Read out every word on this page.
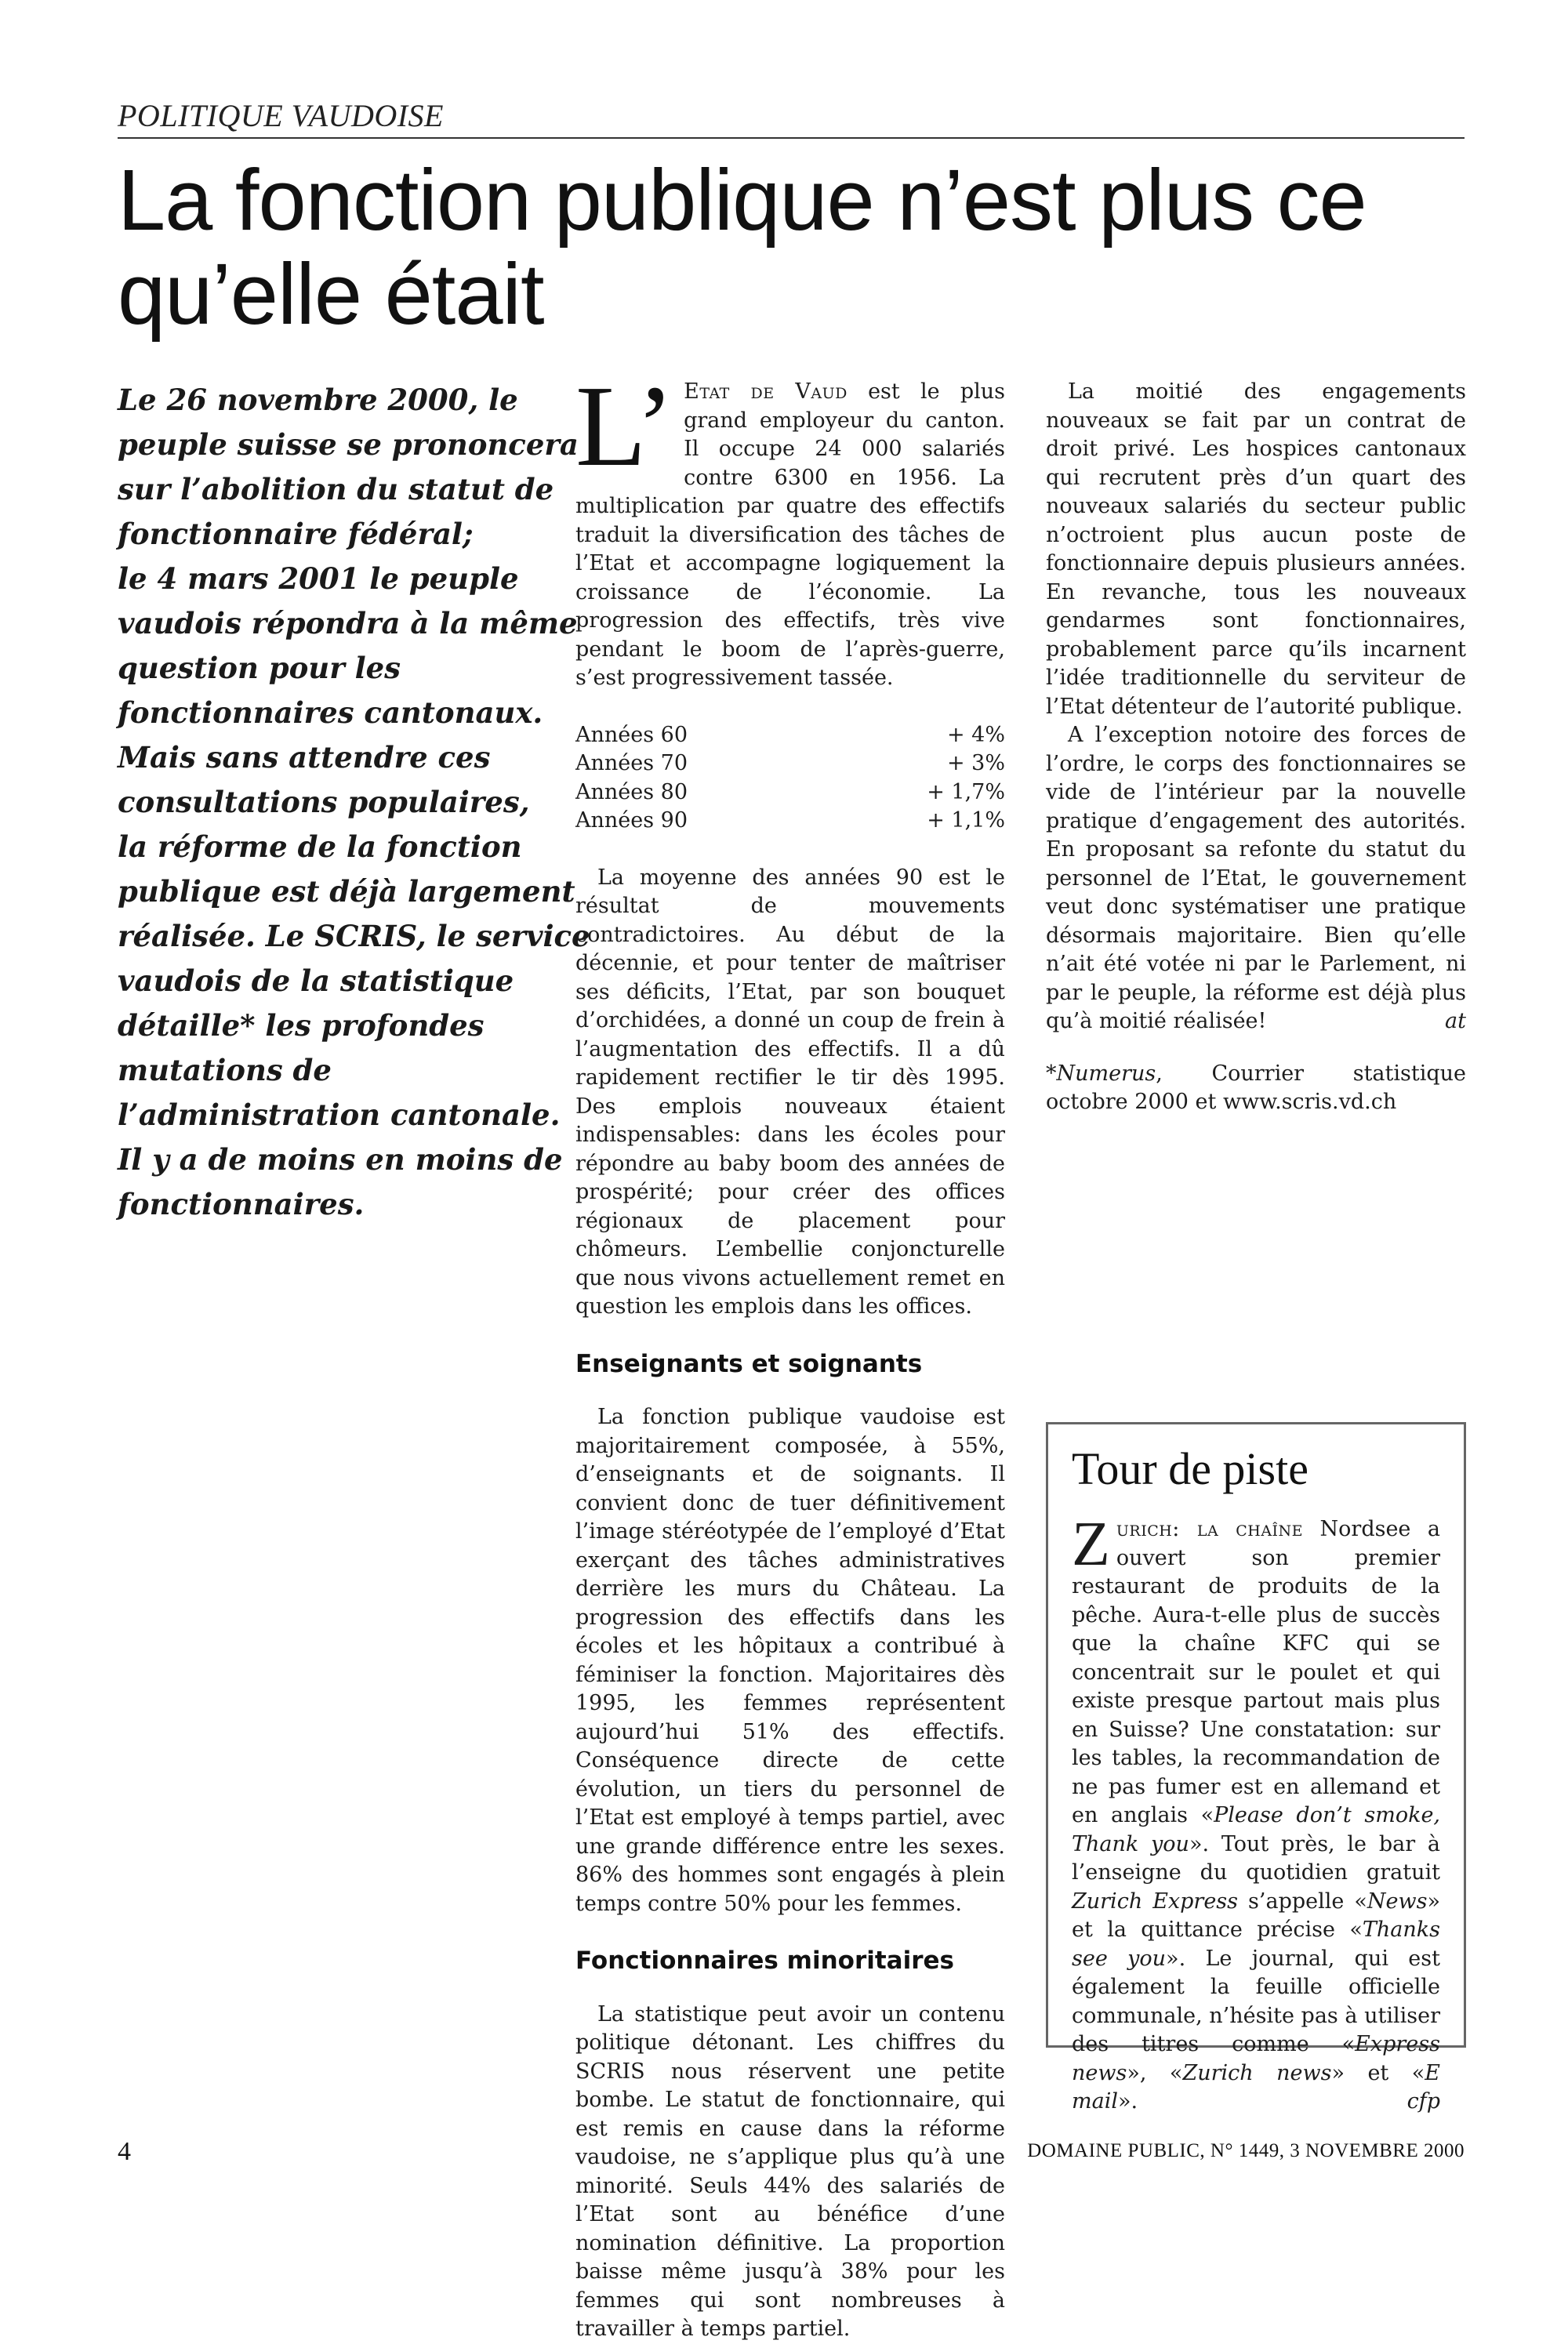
POLITIQUE VAUDOISE
La fonction publique n’est plus ce qu’elle était
Le 26 novembre 2000, le
peuple suisse se prononcera
sur l’abolition du statut de
fonctionnaire fédéral;
le 4 mars 2001 le peuple
vaudois répondra à la même
question pour les
fonctionnaires cantonaux.
Mais sans attendre ces
consultations populaires,
la réforme de la fonction
publique est déjà largement
réalisée. Le SCRIS, le service
vaudois de la statistique
détaille* les profondes
mutations de
l’administration cantonale.
Il y a de moins en moins de
fonctionnaires.

L’ Etat de Vaud est le plus grand employeur du canton. Il occupe 24 000 salariés contre 6300 en 1956. La multiplication par quatre des effectifs traduit la diversification des tâches de l’Etat et accompagne logiquement la croissance de l’économie. La progression des effectifs, très vive pendant le boom de l’après-guerre, s’est progressivement tassée.

Années 60	+ 4%
Années 70	+ 3%
Années 80	+ 1,7%
Années 90	+ 1,1%

La moyenne des années 90 est le résultat de mouvements contradictoires. Au début de la décennie, et pour tenter de maîtriser ses déficits, l’Etat, par son bouquet d’orchidées, a donné un coup de frein à l’augmentation des effectifs. Il a dû rapidement rectifier le tir dès 1995. Des emplois nouveaux étaient indispensables: dans les écoles pour répondre au baby boom des années de prospérité; pour créer des offices régionaux de placement pour chômeurs. L’embellie conjoncturelle que nous vivons actuellement remet en question les emplois dans les offices.

Enseignants et soignants

La fonction publique vaudoise est majoritairement composée, à 55%, d’enseignants et de soignants. Il convient donc de tuer définitivement l’image stéréotypée de l’employé d’Etat exerçant des tâches administratives derrière les murs du Château. La progression des effectifs dans les écoles et les hôpitaux a contribué à féminiser la fonction. Majoritaires dès 1995, les femmes représentent aujourd’hui 51% des effectifs. Conséquence directe de cette évolution, un tiers du personnel de l’Etat est employé à temps partiel, avec une grande différence entre les sexes. 86% des hommes sont engagés à plein temps contre 50% pour les femmes.

Fonctionnaires minoritaires

La statistique peut avoir un contenu politique détonant. Les chiffres du SCRIS nous réservent une petite bombe. Le statut de fonctionnaire, qui est remis en cause dans la réforme vaudoise, ne s’applique plus qu’à une minorité. Seuls 44% des salariés de l’Etat sont au bénéfice d’une nomination définitive. La proportion baisse même jusqu’à 38% pour les femmes qui sont nombreuses à travailler à temps partiel.

La moitié des engagements nouveaux se fait par un contrat de droit privé. Les hospices cantonaux qui recrutent près d’un quart des nouveaux salariés du secteur public n’octroient plus aucun poste de fonctionnaire depuis plusieurs années. En revanche, tous les nouveaux gendarmes sont fonctionnaires, probablement parce qu’ils incarnent l’idée traditionnelle du serviteur de l’Etat détenteur de l’autorité publique.

A l’exception notoire des forces de l’ordre, le corps des fonctionnaires se vide de l’intérieur par la nouvelle pratique d’engagement des autorités. En proposant sa refonte du statut du personnel de l’Etat, le gouvernement veut donc systématiser une pratique désormais majoritaire. Bien qu’elle n’ait été votée ni par le Parlement, ni par le peuple, la réforme est déjà plus qu’à moitié réalisée!	at

*Numerus, Courrier statistique octobre 2000 et www.scris.vd.ch
Tour de piste
Zurich: la chaîne Nordsee a ouvert son premier restaurant de produits de la pêche. Aura-t-elle plus de succès que la chaîne KFC qui se concentrait sur le poulet et qui existe presque partout mais plus en Suisse? Une constatation: sur les tables, la recommandation de ne pas fumer est en allemand et en anglais «Please don’t smoke, Thank you». Tout près, le bar à l’enseigne du quotidien gratuit Zurich Express s’appelle «News» et la quittance précise «Thanks see you». Le journal, qui est également la feuille officielle communale, n’hésite pas à utiliser des titres comme «Express news», «Zurich news» et «E mail».	cfp
4	DOMAINE PUBLIC, N° 1449, 3 NOVEMBRE 2000
